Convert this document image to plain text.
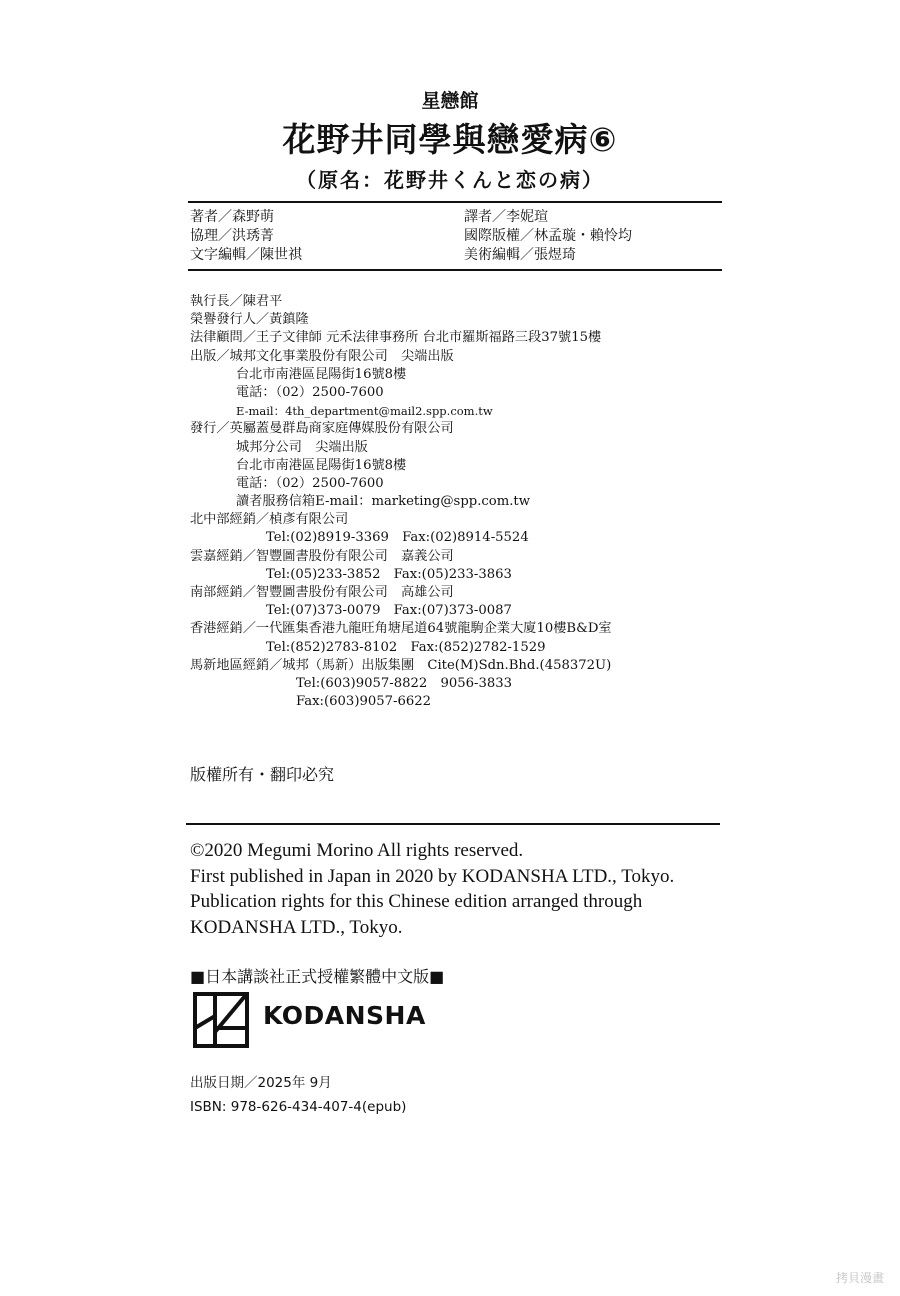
星戀館
花野井同學與戀愛病⑥
（原名：花野井くんと恋の病）
著者／森野萌
協理／洪琇菁
文字編輯／陳世祺
譯者／李妮瑄
國際版權／林孟璇・賴怜均
美術編輯／張煜琦
執行長／陳君平
榮譽發行人／黃鎮隆
法律顧問／王子文律師 元禾法律事務所 台北市羅斯福路三段37號15樓
出版／城邦文化事業股份有限公司　尖端出版
台北市南港區昆陽街16號8樓
電話：（02）2500-7600
E-mail：4th_department@mail2.spp.com.tw
發行／英屬蓋曼群島商家庭傳媒股份有限公司
城邦分公司　尖端出版
台北市南港區昆陽街16號8樓
電話：（02）2500-7600
讀者服務信箱E-mail：marketing@spp.com.tw
北中部經銷／楨彥有限公司
Tel:(02)8919-3369　Fax:(02)8914-5524
雲嘉經銷／智豐圖書股份有限公司　嘉義公司
Tel:(05)233-3852　Fax:(05)233-3863
南部經銷／智豐圖書股份有限公司　高雄公司
Tel:(07)373-0079　Fax:(07)373-0087
香港經銷／一代匯集香港九龍旺角塘尾道64號龍駒企業大廈10樓B&D室
Tel:(852)2783-8102　Fax:(852)2782-1529
馬新地區經銷／城邦（馬新）出版集團　Cite(M)Sdn.Bhd.(458372U)
Tel:(603)9057-8822　9056-3833
Fax:(603)9057-6622
版權所有・翻印必究
©2020 Megumi Morino All rights reserved.
First published in Japan in 2020 by KODANSHA LTD., Tokyo.
Publication rights for this Chinese edition arranged through
KODANSHA LTD., Tokyo.
■日本講談社正式授權繁體中文版■
KODANSHA
出版日期／2025年 9月
ISBN: 978-626-434-407-4(epub)
拷貝漫畫
